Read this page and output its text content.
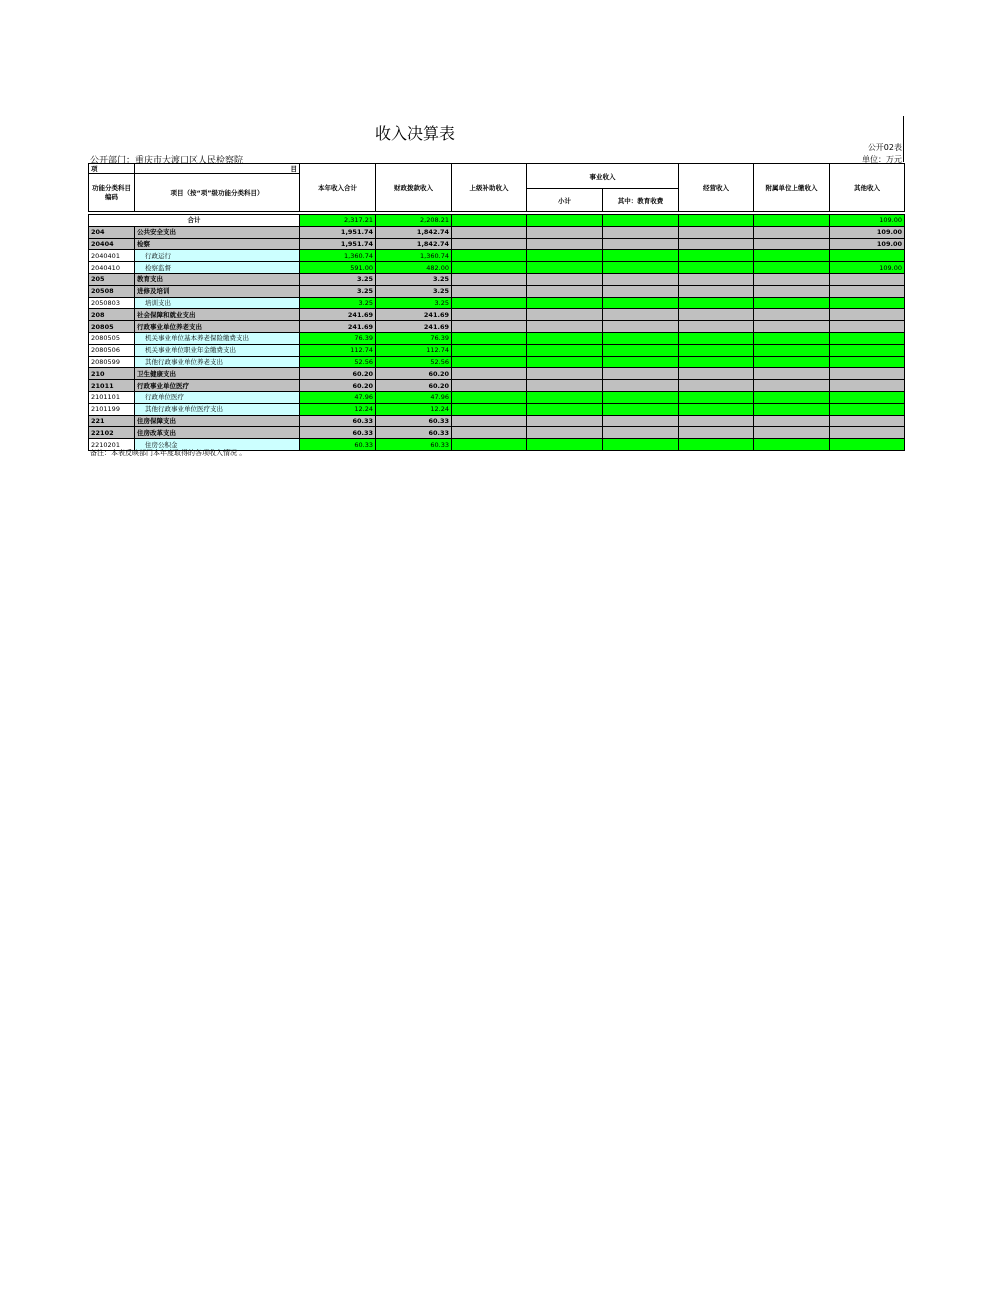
收入决算表
公开02表
公开部门：重庆市大渡口区人民检察院	单位：万元
项	目	本年收入合计	财政拨款收入	上级补助收入	事业收入		经营收入	附属单位上缴收入	其他收入
功能分类科目编码	项目（按“项”级功能分类科目）								
					小计	其中：教育收费			

合计		2,317.21	2,208.21						109.00
204	公共安全支出	1,951.74	1,842.74						109.00
20404	检察	1,951.74	1,842.74						109.00
2040401	行政运行	1,360.74	1,360.74						
2040410	检察监督	591.00	482.00						109.00
205	教育支出	3.25	3.25						
20508	进修及培训	3.25	3.25						
2050803	培训支出	3.25	3.25						
208	社会保障和就业支出	241.69	241.69						
20805	行政事业单位养老支出	241.69	241.69						
2080505	机关事业单位基本养老保险缴费支出	76.39	76.39						
2080506	机关事业单位职业年金缴费支出	112.74	112.74						
2080599	其他行政事业单位养老支出	52.56	52.56						
210	卫生健康支出	60.20	60.20						
21011	行政事业单位医疗	60.20	60.20						
2101101	行政单位医疗	47.96	47.96						
2101199	其他行政事业单位医疗支出	12.24	12.24						
221	住房保障支出	60.33	60.33						
22102	住房改革支出	60.33	60.33						
2210201	住房公积金	60.33	60.33						
备注：本表反映部门本年度取得的各项收入情况 。
